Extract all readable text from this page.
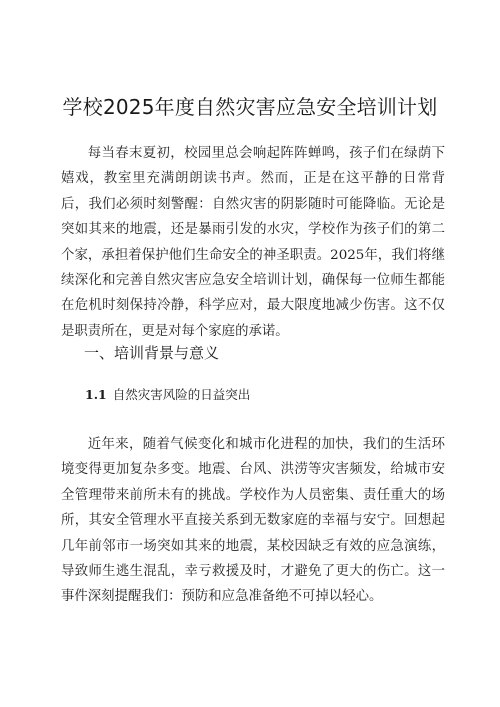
学校2025年度自然灾害应急安全培训计划

每当春末夏初，校园里总会响起阵阵蝉鸣，孩子们在绿荫下嬉戏，教室里充满朗朗读书声。然而，正是在这平静的日常背后，我们必须时刻警醒：自然灾害的阴影随时可能降临。无论是突如其来的地震，还是暴雨引发的水灾，学校作为孩子们的第二个家，承担着保护他们生命安全的神圣职责。2025年，我们将继续深化和完善自然灾害应急安全培训计划，确保每一位师生都能在危机时刻保持冷静，科学应对，最大限度地减少伤害。这不仅是职责所在，更是对每个家庭的承诺。

一、培训背景与意义
1.1 自然灾害风险的日益突出

近年来，随着气候变化和城市化进程的加快，我们的生活环境变得更加复杂多变。地震、台风、洪涝等灾害频发，给城市安全管理带来前所未有的挑战。学校作为人员密集、责任重大的场所，其安全管理水平直接关系到无数家庭的幸福与安宁。回想起几年前邻市一场突如其来的地震，某校因缺乏有效的应急演练，导致师生逃生混乱，幸亏救援及时，才避免了更大的伤亡。这一事件深刻提醒我们：预防和应急准备绝不可掉以轻心。
